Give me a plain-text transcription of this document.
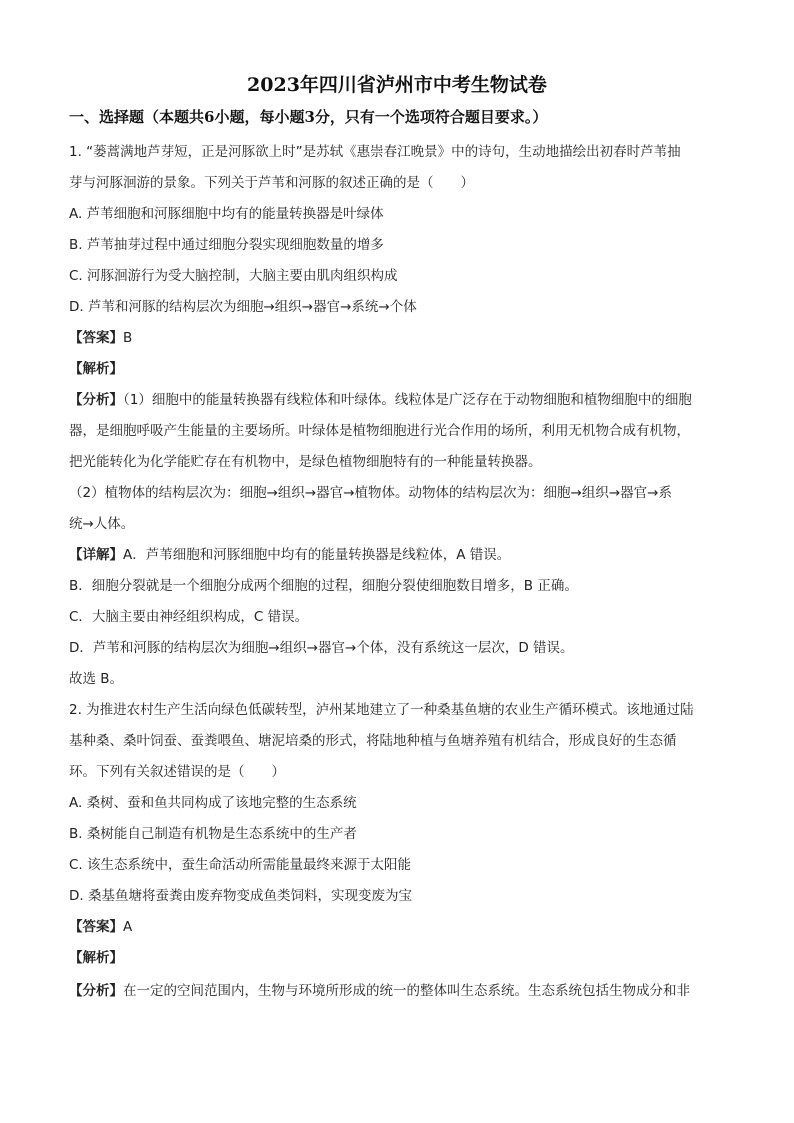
2023年四川省泸州市中考生物试卷
一、选择题（本题共6小题，每小题3分，只有一个选项符合题目要求。）
1. “蒌蒿满地芦芽短，正是河豚欲上时”是苏轼《惠崇春江晚景》中的诗句，生动地描绘出初春时芦苇抽
芽与河豚洄游的景象。下列关于芦苇和河豚的叙述正确的是（　　）
A. 芦苇细胞和河豚细胞中均有的能量转换器是叶绿体
B. 芦苇抽芽过程中通过细胞分裂实现细胞数量的增多
C. 河豚洄游行为受大脑控制，大脑主要由肌肉组织构成
D. 芦苇和河豚的结构层次为细胞→组织→器官→系统→个体
【答案】B
【解析】
【分析】（1）细胞中的能量转换器有线粒体和叶绿体。线粒体是广泛存在于动物细胞和植物细胞中的细胞
器，是细胞呼吸产生能量的主要场所。叶绿体是植物细胞进行光合作用的场所，利用无机物合成有机物，
把光能转化为化学能贮存在有机物中，是绿色植物细胞特有的一种能量转换器。
（2）植物体的结构层次为：细胞→组织→器官→植物体。动物体的结构层次为：细胞→组织→器官→系
统→人体。
【详解】A．芦苇细胞和河豚细胞中均有的能量转换器是线粒体，A 错误。
B．细胞分裂就是一个细胞分成两个细胞的过程，细胞分裂使细胞数目增多，B 正确。
C．大脑主要由神经组织构成，C 错误。
D．芦苇和河豚的结构层次为细胞→组织→器官→个体，没有系统这一层次，D 错误。
故选 B。
2. 为推进农村生产生活向绿色低碳转型，泸州某地建立了一种桑基鱼塘的农业生产循环模式。该地通过陆
基种桑、桑叶饲蚕、蚕粪喂鱼、塘泥培桑的形式，将陆地种植与鱼塘养殖有机结合，形成良好的生态循
环。下列有关叙述错误的是（　　）
A. 桑树、蚕和鱼共同构成了该地完整的生态系统
B. 桑树能自己制造有机物是生态系统中的生产者
C. 该生态系统中，蚕生命活动所需能量最终来源于太阳能
D. 桑基鱼塘将蚕粪由废弃物变成鱼类饲料，实现变废为宝
【答案】A
【解析】
【分析】在一定的空间范围内，生物与环境所形成的统一的整体叫生态系统。生态系统包括生物成分和非
